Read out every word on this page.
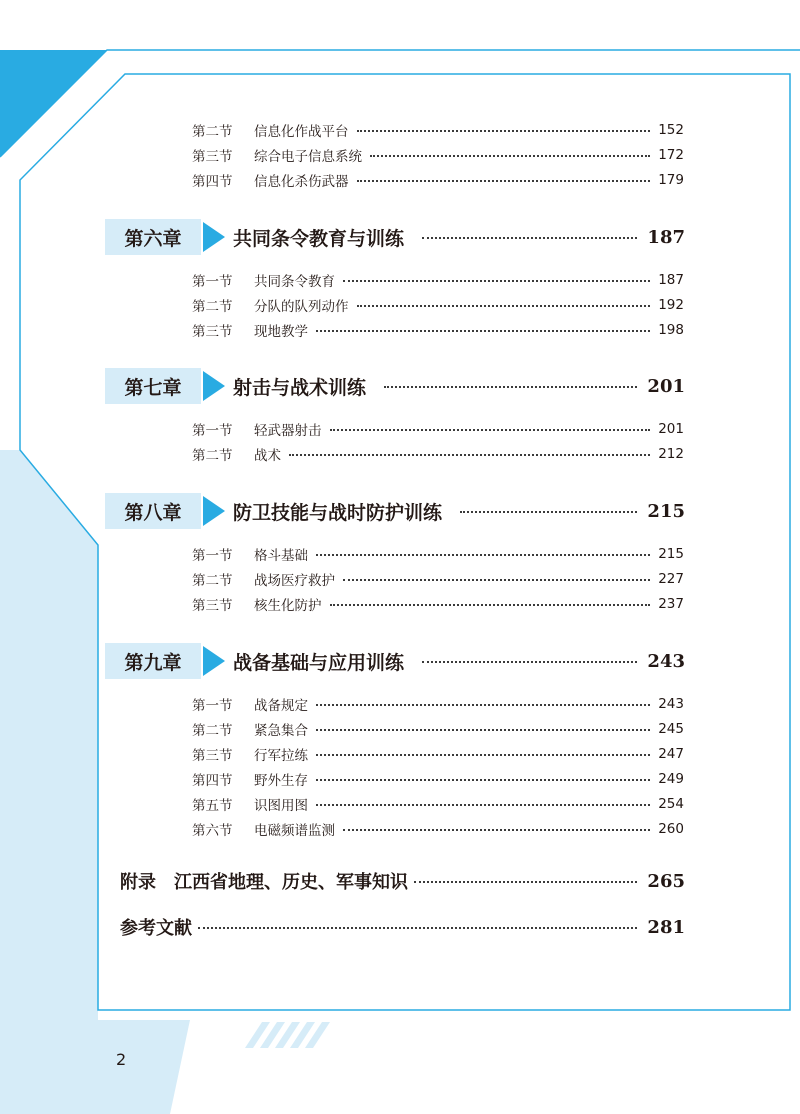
第二节	信息化作战平台	152
第三节	综合电子信息系统	172
第四节	信息化杀伤武器	179
第六章	共同条令教育与训练	187
第一节	共同条令教育	187
第二节	分队的队列动作	192
第三节	现地教学	198
第七章	射击与战术训练	201
第一节	轻武器射击	201
第二节	战术	212
第八章	防卫技能与战时防护训练	215
第一节	格斗基础	215
第二节	战场医疗救护	227
第三节	核生化防护	237
第九章	战备基础与应用训练	243
第一节	战备规定	243
第二节	紧急集合	245
第三节	行军拉练	247
第四节	野外生存	249
第五节	识图用图	254
第六节	电磁频谱监测	260
附录 江西省地理、历史、军事知识	265
参考文献	281
2
